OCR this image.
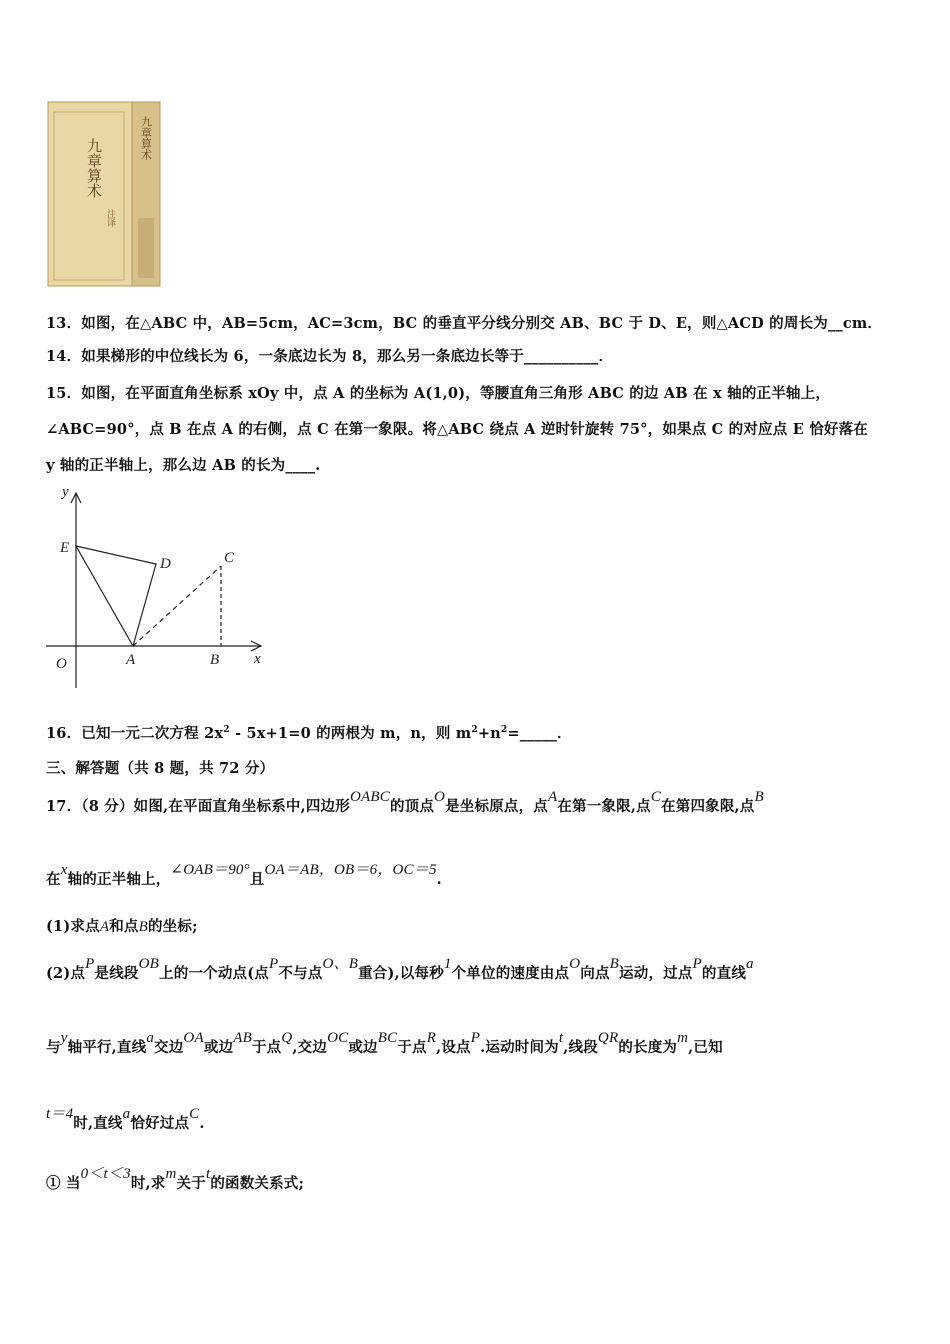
九章算术	九章算术
注译
13．如图，在△ABC 中，AB=5cm，AC=3cm，BC 的垂直平分线分别交 AB、BC 于 D、E，则△ACD 的周长为__cm．
14．如果梯形的中位线长为 6，一条底边长为 8，那么另一条底边长等于__________．
15．如图，在平面直角坐标系 xOy 中，点 A 的坐标为 A(1,0)，等腰直角三角形 ABC 的边 AB 在 x 轴的正半轴上，
∠ABC=90°，点 B 在点 A 的右侧，点 C 在第一象限。将△ABC 绕点 A 逆时针旋转 75°，如果点 C 的对应点 E 恰好落在
y 轴的正半轴上，那么边 AB 的长为____.
y
x
E
D	C
O	A	B
16．已知一元二次方程 $2x^2 - 5x+1=0$ 的两根为 m，n，则 $m^2+n^2=\_\_\_\_\_$．
三、解答题（共 8 题，共 72 分）
17．（8 分）如图,在平面直角坐标系中,四边形OABC的顶点O是坐标原点，点A在第一象限,点C在第四象限,点B
在x轴的正半轴上，∠OAB＝90°且OA＝AB，OB＝6，OC＝5.
(1)求点A和点B的坐标;
(2)点P是线段OB上的一个动点(点P不与点O、B重合),以每秒1个单位的速度由点O向点B运动，过点P的直线a
与y轴平行,直线a交边OA或边AB于点Q,交边OC或边BC于点R,设点P.运动时间为t,线段QR的长度为m,已知
t＝4时,直线a恰好过点C.
① 当0＜t＜3时,求m关于t的函数关系式;
